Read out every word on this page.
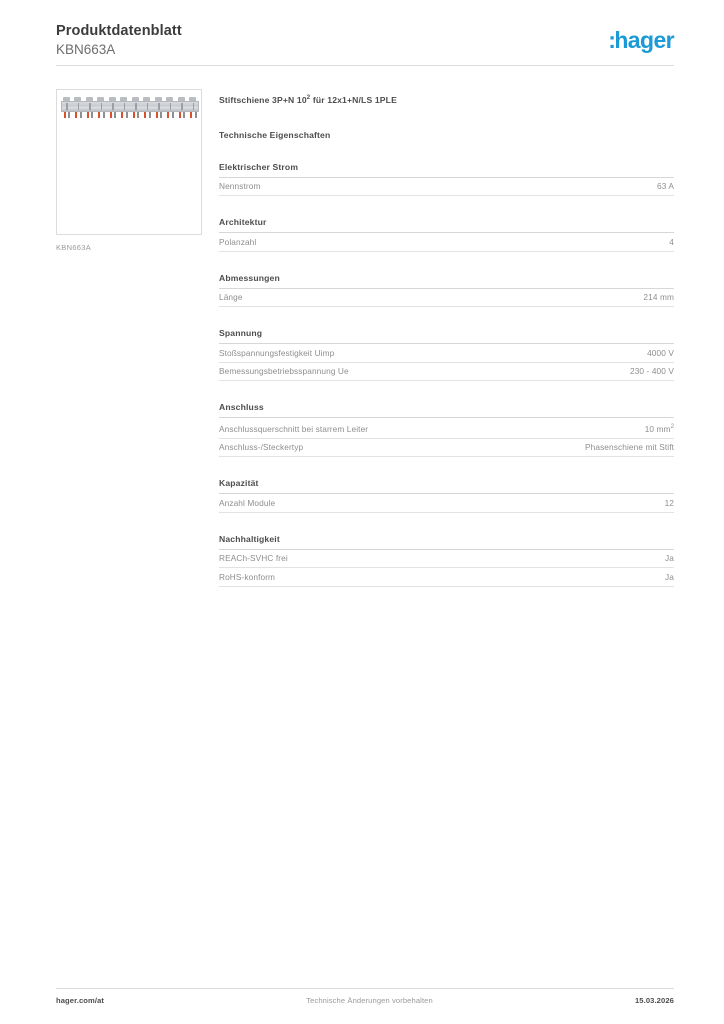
Produktdatenblatt
KBN663A	:hager
KBN663A
Stiftschiene 3P+N $10^2$ für 12x1+N/LS 1PLE
Technische Eigenschaften
Elektrischer Strom
Nennstrom	63 A
Architektur
Polanzahl	4
Abmessungen
Länge	214 mm
Spannung
Stoßspannungsfestigkeit Uimp	4000 V
Bemessungsbetriebsspannung Ue	230 - 400 V
Anschluss
Anschlussquerschnitt bei starrem Leiter	10 $mm^2$
Anschluss-/Steckertyp	Phasenschiene mit Stift
Kapazität
Anzahl Module	12
Nachhaltigkeit
REACh-SVHC frei	Ja
RoHS-konform	Ja
hager.com/at	Technische Änderungen vorbehalten	15.03.2026
